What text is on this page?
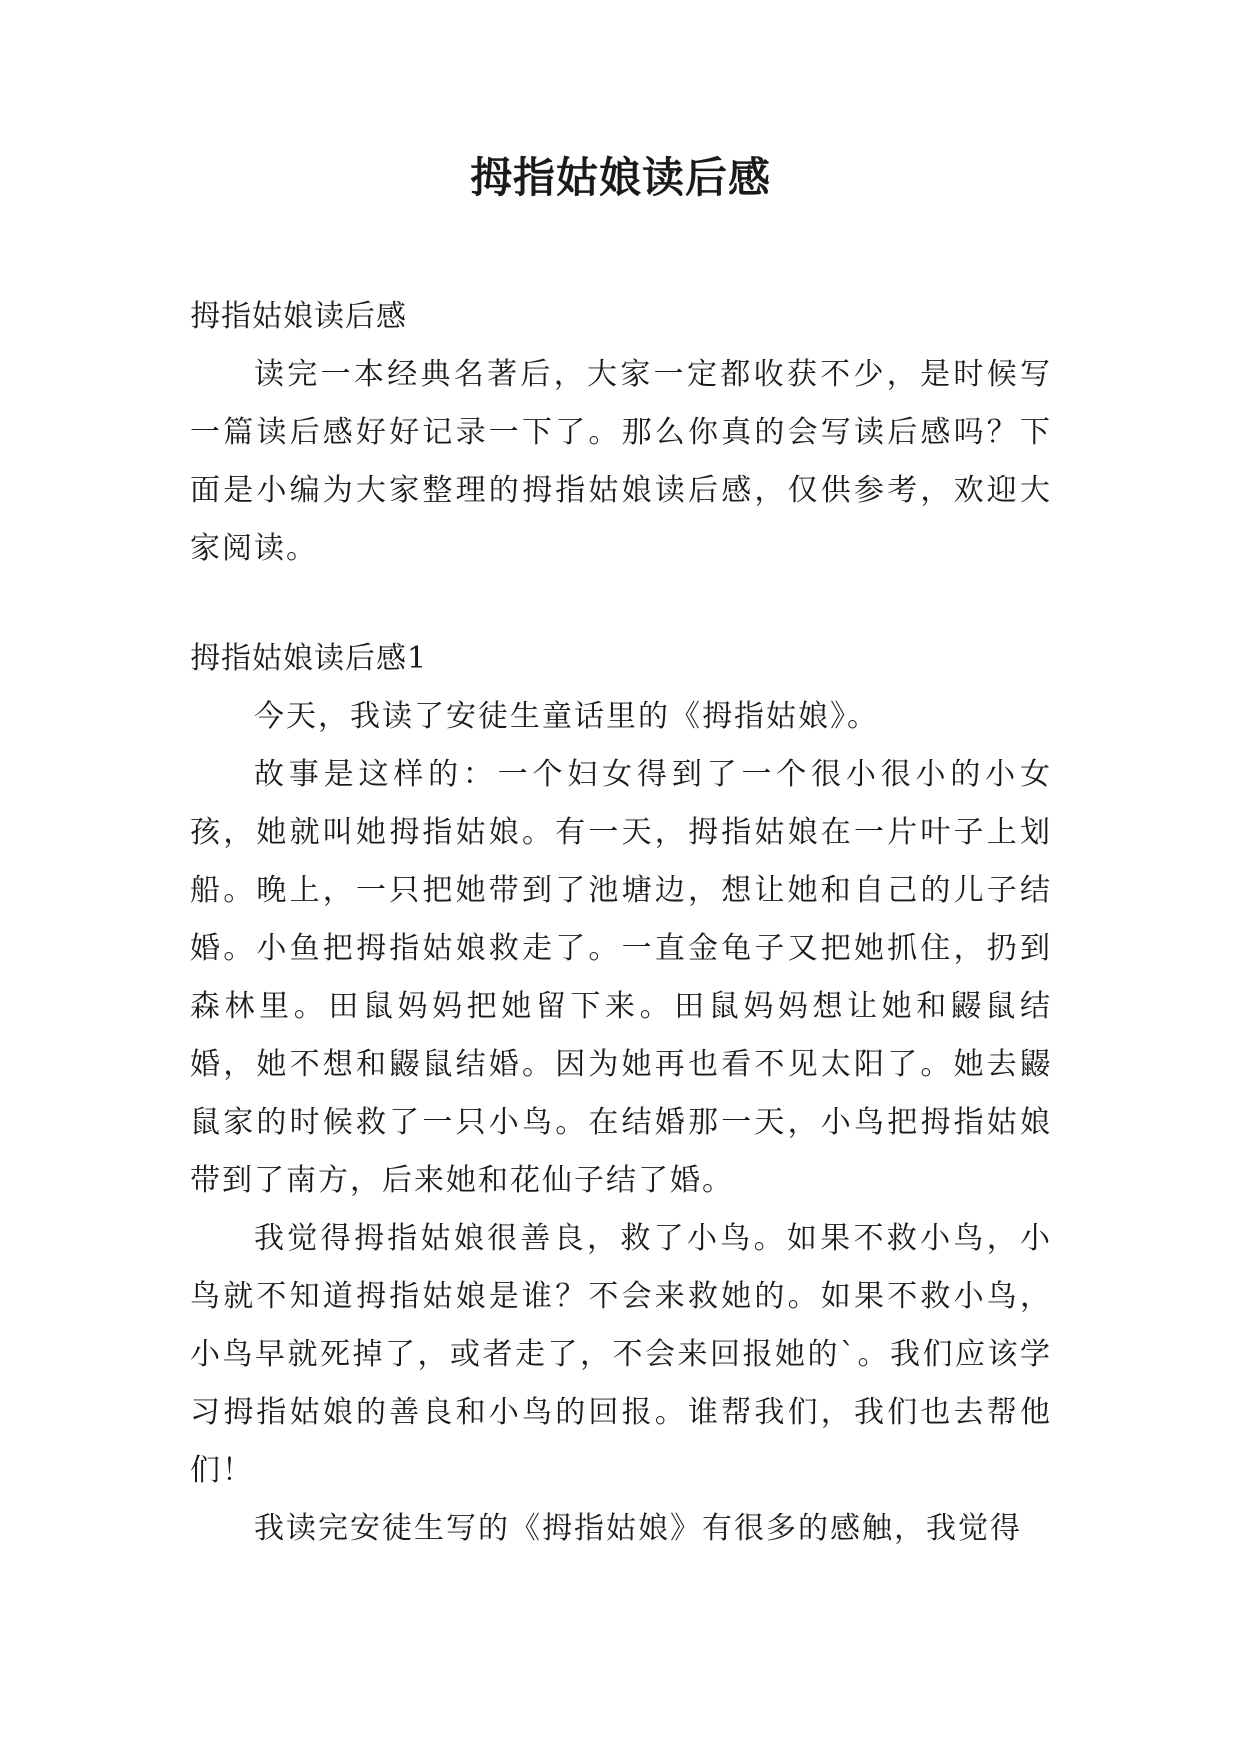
拇指姑娘读后感

拇指姑娘读后感

读完一本经典名著后，大家一定都收获不少，是时候写一篇读后感好好记录一下了。那么你真的会写读后感吗？下面是小编为大家整理的拇指姑娘读后感，仅供参考，欢迎大家阅读。

拇指姑娘读后感1

今天，我读了安徒生童话里的《拇指姑娘》。

故事是这样的：一个妇女得到了一个很小很小的小女孩，她就叫她拇指姑娘。有一天，拇指姑娘在一片叶子上划船。晚上，一只把她带到了池塘边，想让她和自己的儿子结婚。小鱼把拇指姑娘救走了。一直金龟子又把她抓住，扔到森林里。田鼠妈妈把她留下来。田鼠妈妈想让她和鼹鼠结婚，她不想和鼹鼠结婚。因为她再也看不见太阳了。她去鼹鼠家的时候救了一只小鸟。在结婚那一天，小鸟把拇指姑娘带到了南方，后来她和花仙子结了婚。

我觉得拇指姑娘很善良，救了小鸟。如果不救小鸟，小鸟就不知道拇指姑娘是谁？不会来救她的。如果不救小鸟，小鸟早就死掉了，或者走了，不会来回报她的`。我们应该学习拇指姑娘的善良和小鸟的回报。谁帮我们，我们也去帮他们！

我读完安徒生写的《拇指姑娘》有很多的感触，我觉得
